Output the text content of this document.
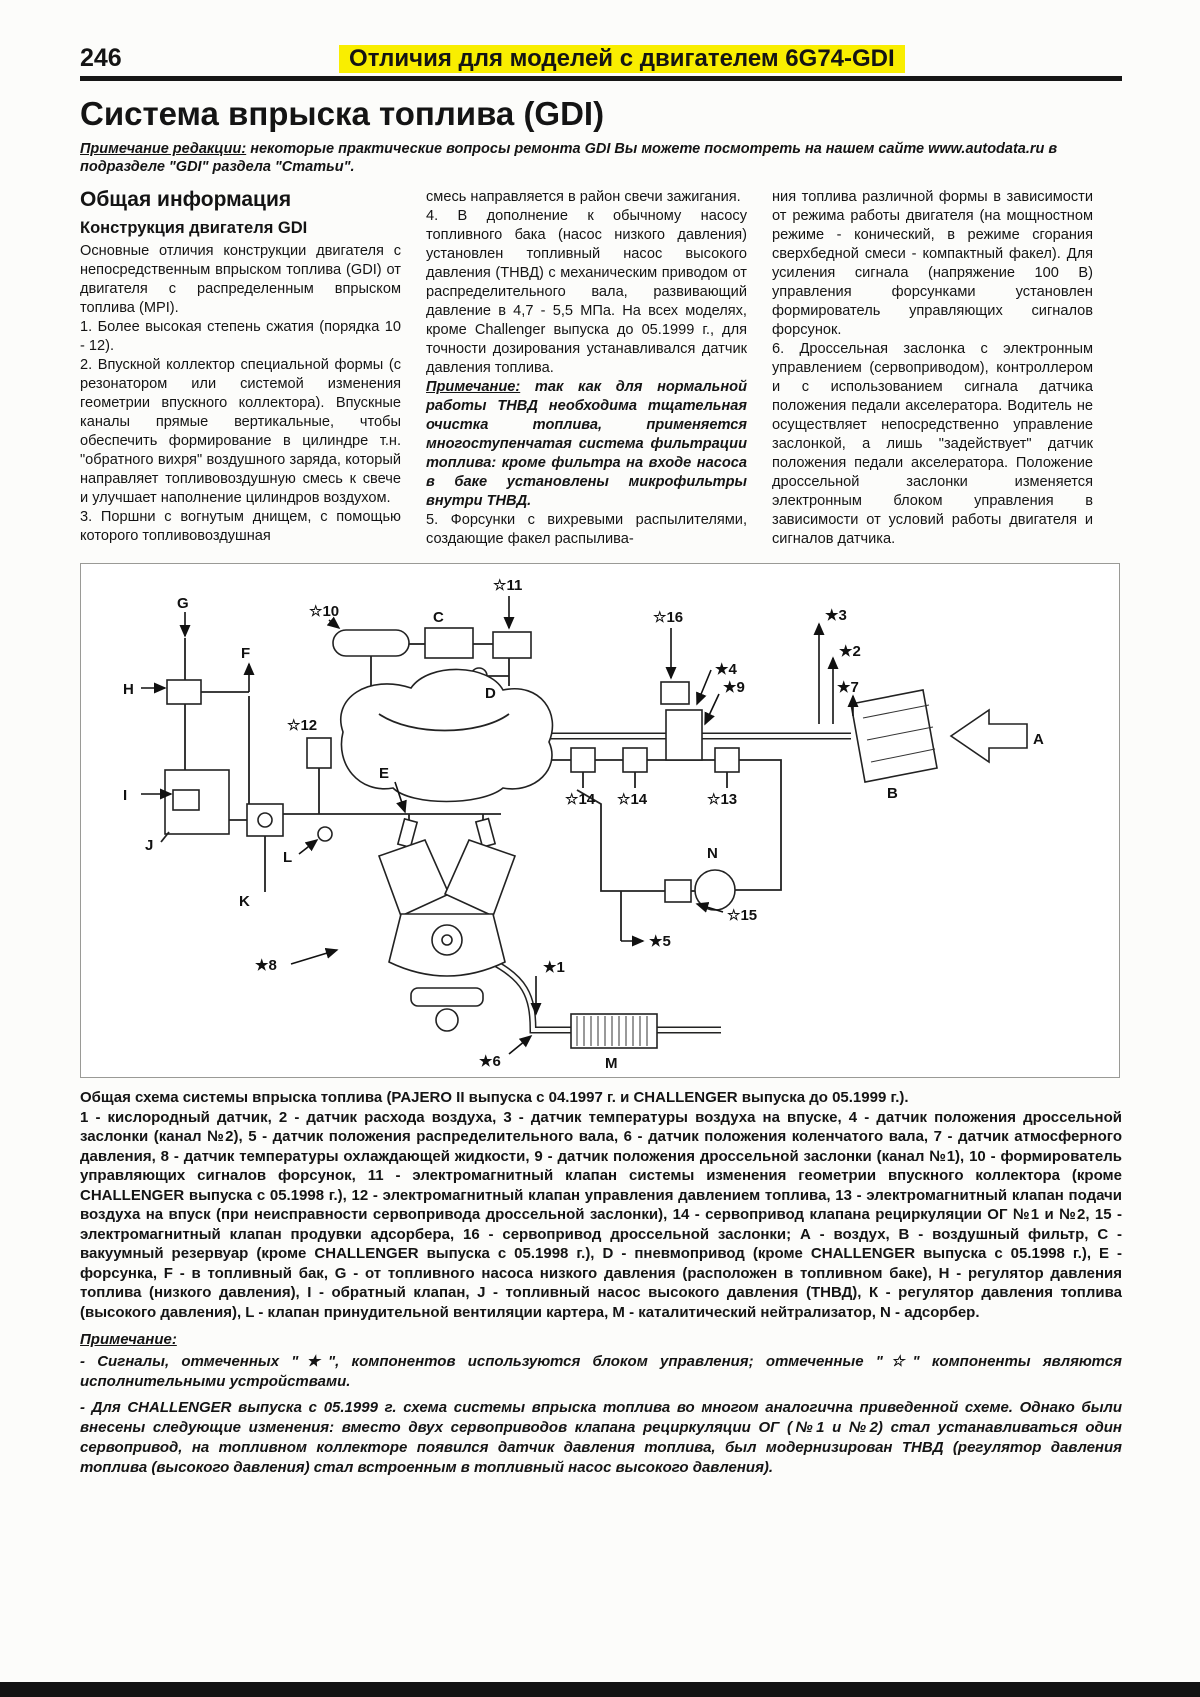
246	Отличия для моделей с двигателем 6G74-GDI
Система впрыска топлива (GDI)

Примечание редакции: некоторые практические вопросы ремонта GDI Вы можете посмотреть на нашем сайте www.autodata.ru в подразделе "GDI" раздела "Статьи".

Общая информация
Конструкция двигателя GDI

Основные отличия конструкции двигателя с непосредственным впрыском топлива (GDI) от двигателя с распределенным впрыском топлива (MPI).

1. Более высокая степень сжатия (порядка 10 - 12).

2. Впускной коллектор специальной формы (с резонатором или системой изменения геометрии впускного коллектора). Впускные каналы прямые вертикальные, чтобы обеспечить формирование в цилиндре т.н. "обратного вихря" воздушного заряда, который направляет топливовоздушную смесь к свече и улучшает наполнение цилиндров воздухом.

3. Поршни с вогнутым днищем, с помощью которого топливовоздушная

смесь направляется в район свечи зажигания.

4. В дополнение к обычному насосу топливного бака (насос низкого давления) установлен топливный насос высокого давления (ТНВД) с механическим приводом от распределительного вала, развивающий давление в 4,7 - 5,5 МПа. На всех моделях, кроме Challenger выпуска до 05.1999 г., для точности дозирования устанавливался датчик давления топлива.

Примечание: так как для нормальной работы ТНВД необходима тщательная очистка топлива, применяется многоступенчатая система фильтрации топлива: кроме фильтра на входе насоса в баке установлены микрофильтры внутри ТНВД.

5. Форсунки с вихревыми распылителями, создающие факел распылива-

ния топлива различной формы в зависимости от режима работы двигателя (на мощностном режиме - конический, в режиме сгорания сверхбедной смеси - компактный факел). Для усиления сигнала (напряжение 100 В) управления форсунками установлен формирователь управляющих сигналов форсунок.

6. Дроссельная заслонка с электронным управлением (сервоприводом), контроллером и с использованием сигнала датчика положения педали акселератора. Водитель не осуществляет непосредственно управление заслонкой, а лишь "задействует" датчик положения педали акселератора. Положение дроссельной заслонки изменяется электронным блоком управления в зависимости от условий работы двигателя и сигналов датчика.

G	☆10	C
☆11
☆16	★3
★2
F
H
★4
★9	★7
D
☆12
A
E
B
I
J
☆14 ☆14	☆13
L	N
K
☆15
★5
★8	★1
M
★6

Общая схема системы впрыска топлива (PAJERO II выпуска с 04.1997 г. и CHALLENGER выпуска до 05.1999 г.).

1 - кислородный датчик, 2 - датчик расхода воздуха, 3 - датчик температуры воздуха на впуске, 4 - датчик положения дроссельной заслонки (канал №2), 5 - датчик положения распределительного вала, 6 - датчик положения коленчатого вала, 7 - датчик атмосферного давления, 8 - датчик температуры охлаждающей жидкости, 9 - датчик положения дроссельной заслонки (канал №1), 10 - формирователь управляющих сигналов форсунок, 11 - электромагнитный клапан системы изменения геометрии впускного коллектора (кроме CHALLENGER выпуска с 05.1998 г.), 12 - электромагнитный клапан управления давлением топлива, 13 - электромагнитный клапан подачи воздуха на впуск (при неисправности сервопривода дроссельной заслонки), 14 - сервопривод клапана рециркуляции ОГ №1 и №2, 15 - электромагнитный клапан продувки адсорбера, 16 - сервопривод дроссельной заслонки; А - воздух, В - воздушный фильтр, С - вакуумный резервуар (кроме CHALLENGER выпуска с 05.1998 г.), D - пневмопривод (кроме CHALLENGER выпуска с 05.1998 г.), Е - форсунка, F - в топливный бак, G - от топливного насоса низкого давления (расположен в топливном баке), Н - регулятор давления топлива (низкого давления), I - обратный клапан, J - топливный насос высокого давления (ТНВД), К - регулятор давления топлива (высокого давления), L - клапан принудительной вентиляции картера, М - каталитический нейтрализатор, N - адсорбер.

Примечание:

- Сигналы, отмеченных "★", компонентов используются блоком управления; отмеченные "☆" компоненты являются исполнительными устройствами.

- Для CHALLENGER выпуска с 05.1999 г. схема системы впрыска топлива во многом аналогична приведенной схеме. Однако были внесены следующие изменения: вместо двух сервоприводов клапана рециркуляции ОГ (№1 и №2) стал устанавливаться один сервопривод, на топливном коллекторе появился датчик давления топлива, был модернизирован ТНВД (регулятор давления топлива (высокого давления) стал встроенным в топливный насос высокого давления).
